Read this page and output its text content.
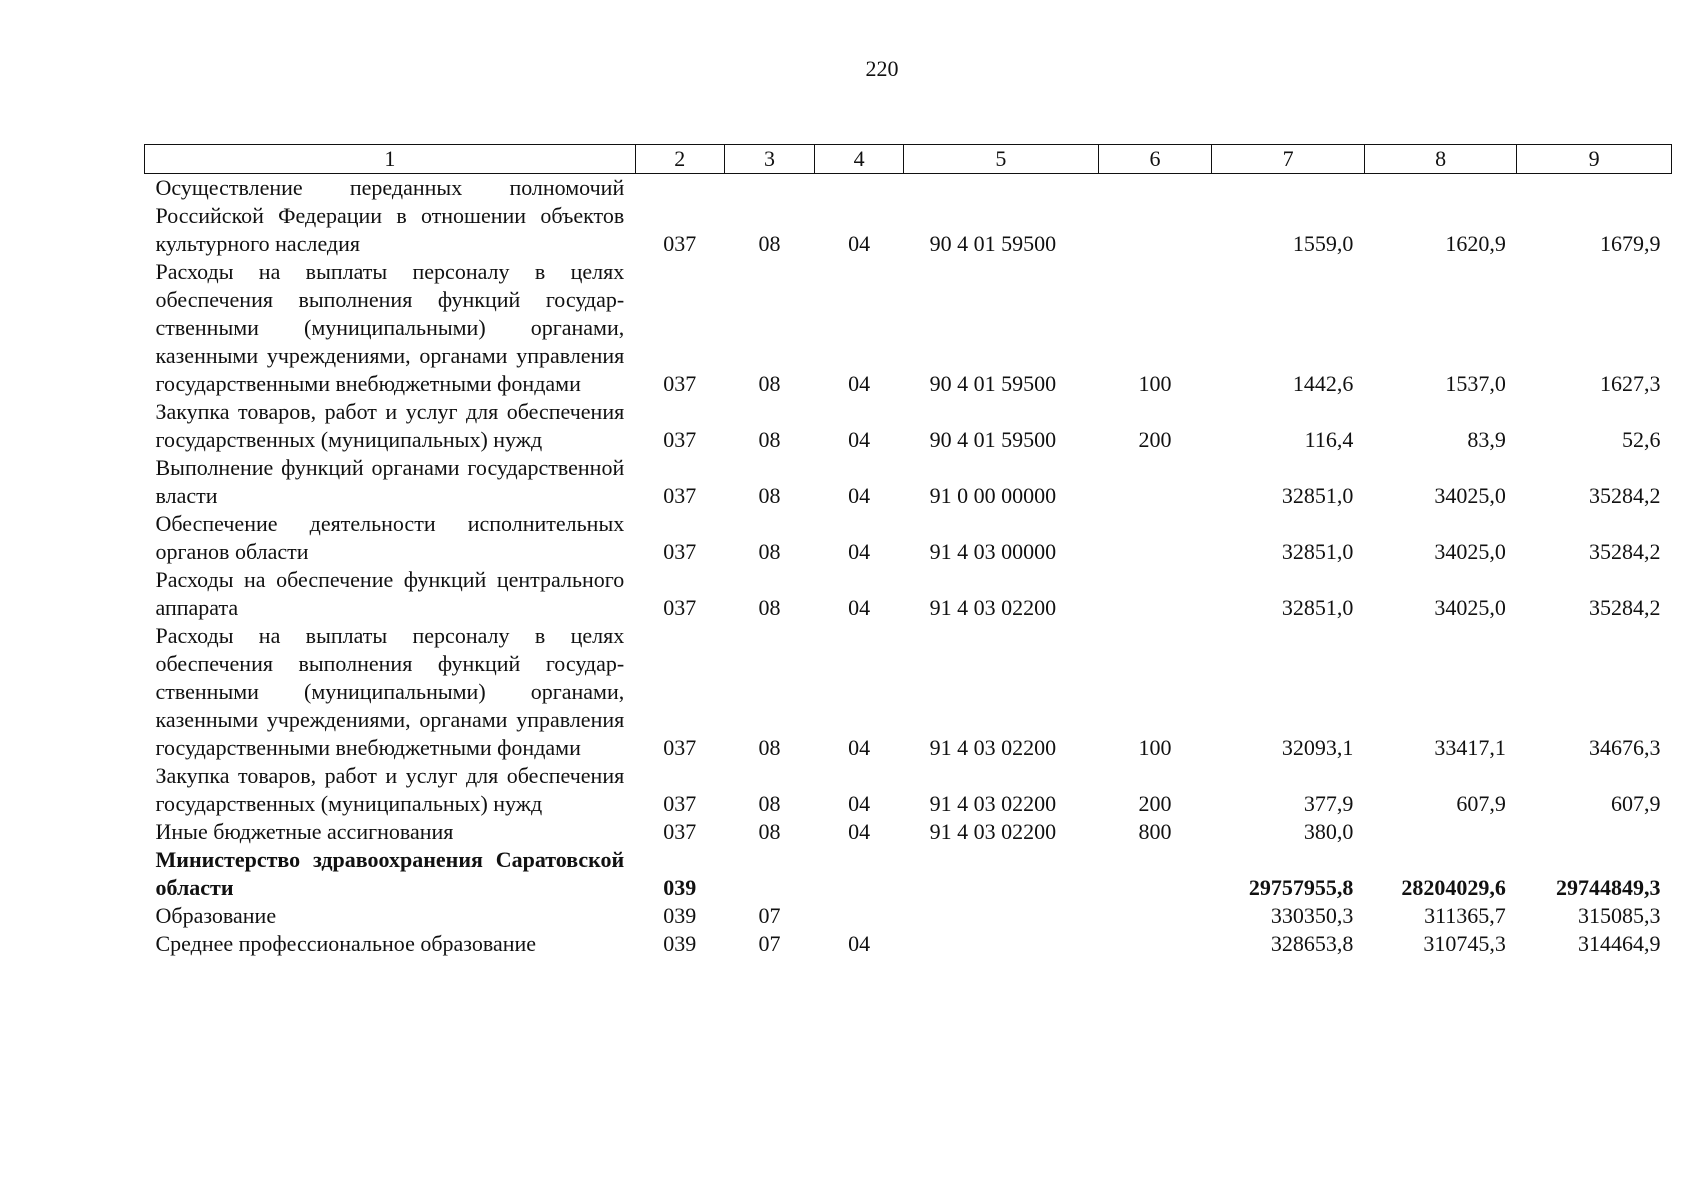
220
1	2	3	4	5	6	7	8	9
Осуществление переданных полномочий Российской Федерации в отношении объектов культурного наследия	037	08	04	90 4 01 59500		1559,0	1620,9	1679,9
Расходы на выплаты персоналу в целях обеспечения выполнения функций государственными (муниципальными) органами, казенными учреждениями, органами управления государственными внебюджетными фондами	037	08	04	90 4 01 59500	100	1442,6	1537,0	1627,3
Закупка товаров, работ и услуг для обеспечения государственных (муниципальных) нужд	037	08	04	90 4 01 59500	200	116,4	83,9	52,6
Выполнение функций органами государственной власти	037	08	04	91 0 00 00000		32851,0	34025,0	35284,2
Обеспечение деятельности исполнительных органов области	037	08	04	91 4 03 00000		32851,0	34025,0	35284,2
Расходы на обеспечение функций центрального аппарата	037	08	04	91 4 03 02200		32851,0	34025,0	35284,2
Расходы на выплаты персоналу в целях обеспечения выполнения функций государственными (муниципальными) органами, казенными учреждениями, органами управления государственными внебюджетными фондами	037	08	04	91 4 03 02200	100	32093,1	33417,1	34676,3
Закупка товаров, работ и услуг для обеспечения государственных (муниципальных) нужд	037	08	04	91 4 03 02200	200	377,9	607,9	607,9
Иные бюджетные ассигнования	037	08	04	91 4 03 02200	800	380,0		
Министерство здравоохранения Саратовской области	039					29757955,8	28204029,6	29744849,3
Образование	039	07				330350,3	311365,7	315085,3
Среднее профессиональное образование	039	07	04			328653,8	310745,3	314464,9
